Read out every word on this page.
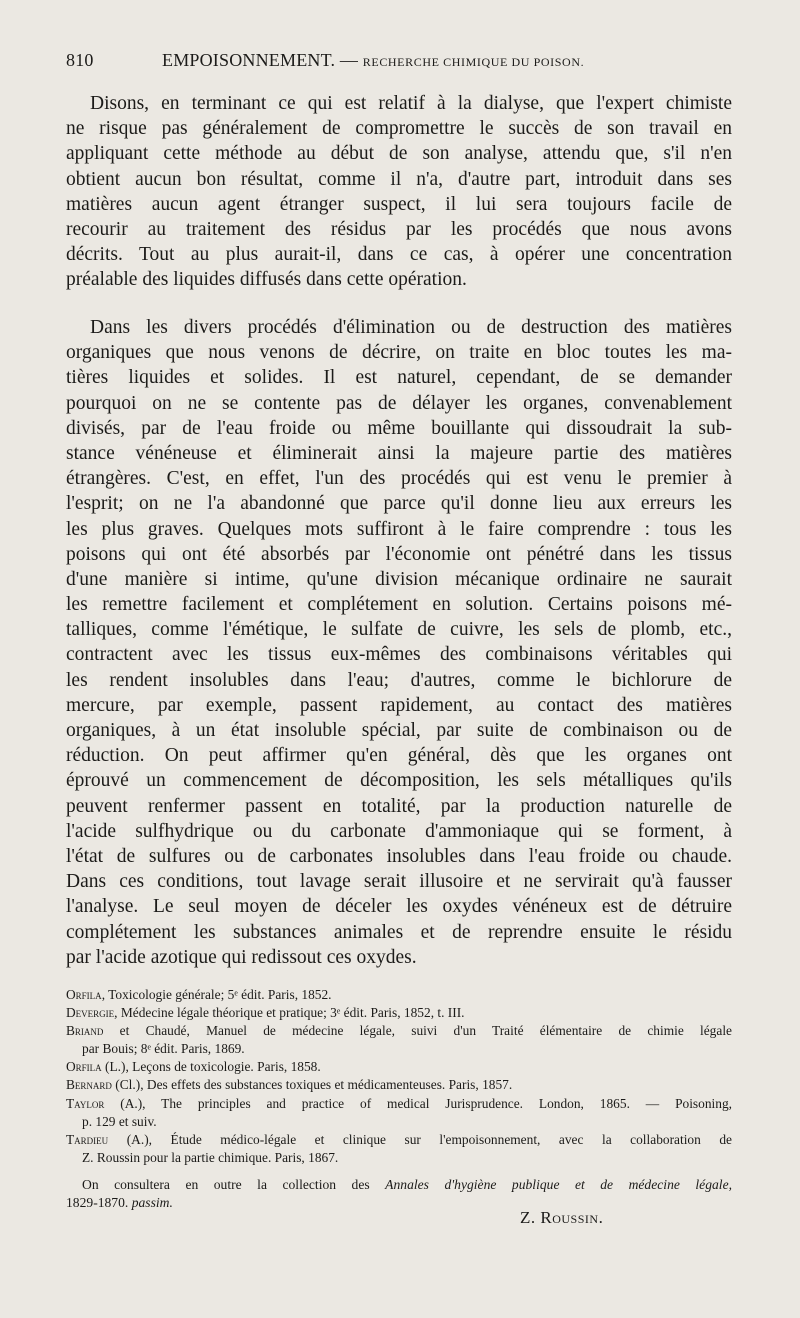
810	EMPOISONNEMENT. — RECHERCHE CHIMIQUE DU POISON.
Disons, en terminant ce qui est relatif à la dialyse, que l'expert chimiste
ne risque pas généralement de compromettre le succès de son travail en
appliquant cette méthode au début de son analyse, attendu que, s'il n'en
obtient aucun bon résultat, comme il n'a, d'autre part, introduit dans ses
matières aucun agent étranger suspect, il lui sera toujours facile de
recourir au traitement des résidus par les procédés que nous avons
décrits. Tout au plus aurait-il, dans ce cas, à opérer une concentration
préalable des liquides diffusés dans cette opération.
Dans les divers procédés d'élimination ou de destruction des matières
organiques que nous venons de décrire, on traite en bloc toutes les ma-
tières liquides et solides. Il est naturel, cependant, de se demander
pourquoi on ne se contente pas de délayer les organes, convenablement
divisés, par de l'eau froide ou même bouillante qui dissoudrait la sub-
stance vénéneuse et éliminerait ainsi la majeure partie des matières
étrangères. C'est, en effet, l'un des procédés qui est venu le premier à
l'esprit; on ne l'a abandonné que parce qu'il donne lieu aux erreurs les
les plus graves. Quelques mots suffiront à le faire comprendre : tous les
poisons qui ont été absorbés par l'économie ont pénétré dans les tissus
d'une manière si intime, qu'une division mécanique ordinaire ne saurait
les remettre facilement et complétement en solution. Certains poisons mé-
talliques, comme l'émétique, le sulfate de cuivre, les sels de plomb, etc.,
contractent avec les tissus eux-mêmes des combinaisons véritables qui
les rendent insolubles dans l'eau; d'autres, comme le bichlorure de
mercure, par exemple, passent rapidement, au contact des matières
organiques, à un état insoluble spécial, par suite de combinaison ou de
réduction. On peut affirmer qu'en général, dès que les organes ont
éprouvé un commencement de décomposition, les sels métalliques qu'ils
peuvent renfermer passent en totalité, par la production naturelle de
l'acide sulfhydrique ou du carbonate d'ammoniaque qui se forment, à
l'état de sulfures ou de carbonates insolubles dans l'eau froide ou chaude.
Dans ces conditions, tout lavage serait illusoire et ne servirait qu'à fausser
l'analyse. Le seul moyen de déceler les oxydes vénéneux est de détruire
complétement les substances animales et de reprendre ensuite le résidu
par l'acide azotique qui redissout ces oxydes.
Orfila, Toxicologie générale; 5ᵉ édit. Paris, 1852.
Devergie, Médecine légale théorique et pratique; 3ᵉ édit. Paris, 1852, t. III.
Briand et Chaudé, Manuel de médecine légale, suivi d'un Traité élémentaire de chimie légale
par Bouis; 8ᵉ édit. Paris, 1869.
Orfila (L.), Leçons de toxicologie. Paris, 1858.
Bernard (Cl.), Des effets des substances toxiques et médicamenteuses. Paris, 1857.
Taylor (A.), The principles and practice of medical Jurisprudence. London, 1865. — Poisoning,
p. 129 et suiv.
Tardieu (A.), Étude médico-légale et clinique sur l'empoisonnement, avec la collaboration de
Z. Roussin pour la partie chimique. Paris, 1867.
On consultera en outre la collection des Annales d'hygiène publique et de médecine légale,
1829-1870. passim.
Z. Roussin.
